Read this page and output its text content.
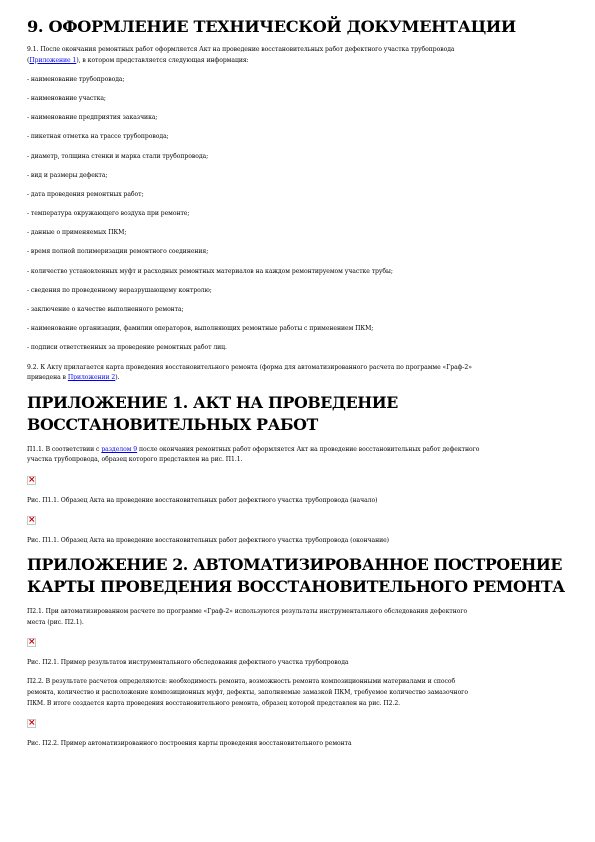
9. ОФОРМЛЕНИЕ ТЕХНИЧЕСКОЙ ДОКУМЕНТАЦИИ

9.1. После окончания ремонтных работ оформляется Акт на проведение восстановительных работ дефектного участка трубопровода

(Приложение 1), в котором представляется следующая информация:

- наименование трубопровода;

- наименование участка;

- наименование предприятия заказчика;

- пикетная отметка на трассе трубопровода;

- диаметр, толщина стенки и марка стали трубопровода;

- вид и размеры дефекта;

- дата проведения ремонтных работ;

- температура окружающего воздуха при ремонте;

- данные о применяемых ПКМ;

- время полной полимеризации ремонтного соединения;

- количество установленных муфт и расходных ремонтных материалов на каждом ремонтируемом участке трубы;

- сведения по проведенному неразрушающему контролю;

- заключение о качестве выполненного ремонта;

- наименование организации, фамилии операторов, выполняющих ремонтные работы с применением ПКМ;

- подписи ответственных за проведение ремонтных работ лиц.

9.2. К Акту прилагается карта проведения восстановительного ремонта (форма для автоматизированного расчета по программе «Граф-2»

приведена в Приложении 2).

ПРИЛОЖЕНИЕ 1. АКТ НА ПРОВЕДЕНИЕ
ВОССТАНОВИТЕЛЬНЫХ РАБОТ

П1.1. В соответствии с разделом 9 после окончания ремонтных работ оформляется Акт на проведение восстановительных работ дефектного

участка трубопровода, образец которого представлен на рис. П1.1.

×

Рис. П1.1. Образец Акта на проведение восстановительных работ дефектного участка трубопровода (начало)

×

Рис. П1.1. Образец Акта на проведение восстановительных работ дефектного участка трубопровода (окончание)

ПРИЛОЖЕНИЕ 2. АВТОМАТИЗИРОВАННОЕ ПОСТРОЕНИЕ
КАРТЫ ПРОВЕДЕНИЯ ВОССТАНОВИТЕЛЬНОГО РЕМОНТА

П2.1. При автоматизированном расчете по программе «Граф-2» используются результаты инструментального обследования дефектного

места (рис. П2.1).

×

Рис. П2.1. Пример результатов инструментального обследования дефектного участка трубопровода

П2.2. В результате расчетов определяются: необходимость ремонта, возможность ремонта композиционными материалами и способ

ремонта, количество и расположение композиционных муфт, дефекты, заполняемые замазкой ПКМ, требуемое количество замазочного

ПКМ. В итоге создается карта проведения восстановительного ремонта, образец которой представлен на рис. П2.2.

×

Рис. П2.2. Пример автоматизированного построения карты проведения восстановительного ремонта
